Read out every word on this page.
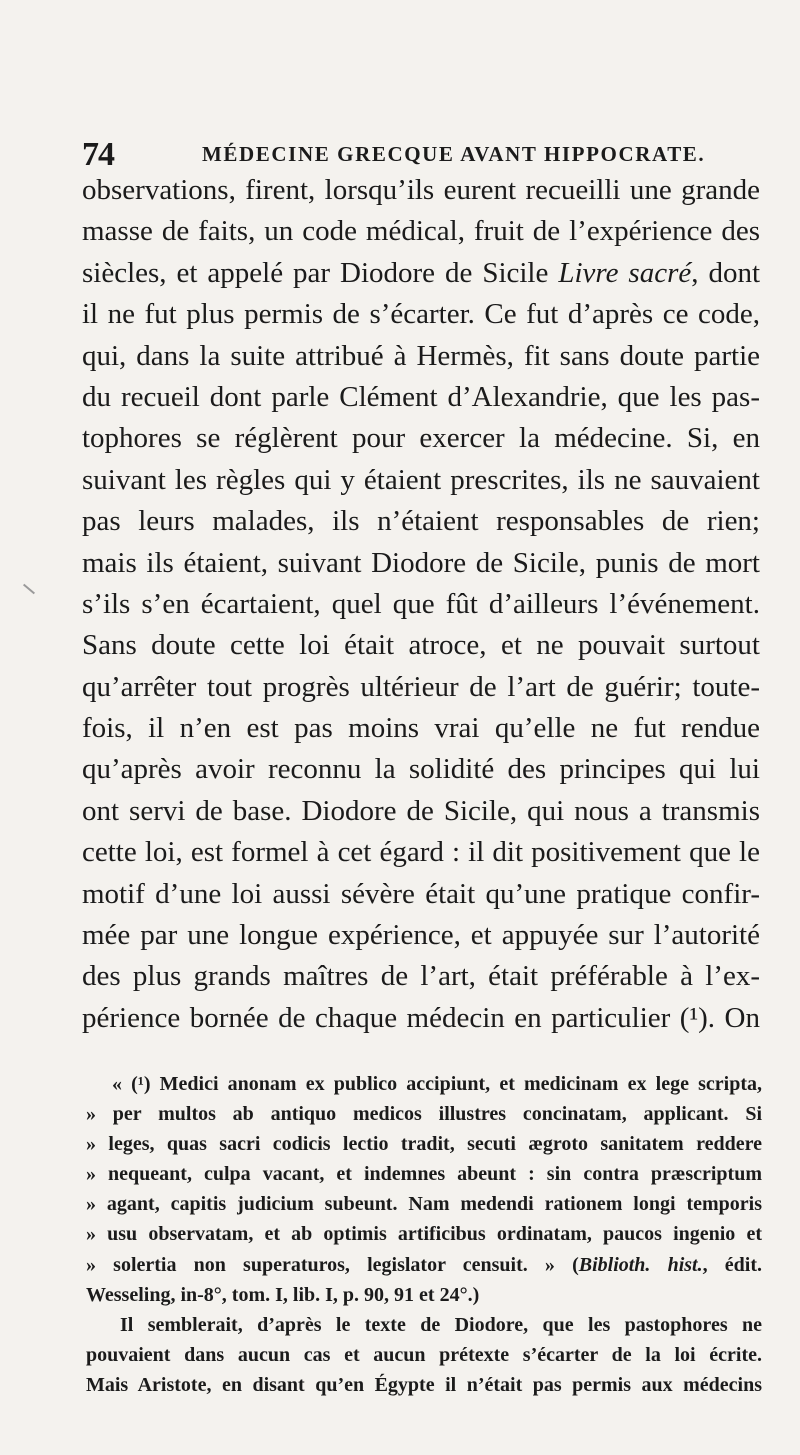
74	MÉDECINE GRECQUE AVANT HIPPOCRATE.
observations, firent, lorsqu’ils eurent recueilli une grande
masse de faits, un code médical, fruit de l’expérience des
siècles, et appelé par Diodore de Sicile Livre sacré, dont
il ne fut plus permis de s’écarter. Ce fut d’après ce code,
qui, dans la suite attribué à Hermès, fit sans doute partie
du recueil dont parle Clément d’Alexandrie, que les pas-
tophores se réglèrent pour exercer la médecine. Si, en
suivant les règles qui y étaient prescrites, ils ne sauvaient
pas leurs malades, ils n’étaient responsables de rien;
mais ils étaient, suivant Diodore de Sicile, punis de mort
s’ils s’en écartaient, quel que fût d’ailleurs l’événement.
Sans doute cette loi était atroce, et ne pouvait surtout
qu’arrêter tout progrès ultérieur de l’art de guérir; toute-
fois, il n’en est pas moins vrai qu’elle ne fut rendue
qu’après avoir reconnu la solidité des principes qui lui
ont servi de base. Diodore de Sicile, qui nous a transmis
cette loi, est formel à cet égard : il dit positivement que le
motif d’une loi aussi sévère était qu’une pratique confir-
mée par une longue expérience, et appuyée sur l’autorité
des plus grands maîtres de l’art, était préférable à l’ex-
périence bornée de chaque médecin en particulier (¹). On
« (¹) Medici anonam ex publico accipiunt, et medicinam ex lege scripta,
» per multos ab antiquo medicos illustres concinatam, applicant. Si
» leges, quas sacri codicis lectio tradit, secuti ægroto sanitatem reddere
» nequeant, culpa vacant, et indemnes abeunt : sin contra præscriptum
» agant, capitis judicium subeunt. Nam medendi rationem longi temporis
» usu observatam, et ab optimis artificibus ordinatam, paucos ingenio et
» solertia non superaturos, legislator censuit. » (Biblioth. hist., édit.
Wesseling, in-8°, tom. I, lib. I, p. 90, 91 et 24°.)
Il semblerait, d’après le texte de Diodore, que les pastophores ne
pouvaient dans aucun cas et aucun prétexte s’écarter de la loi écrite.
Mais Aristote, en disant qu’en Égypte il n’était pas permis aux médecins
